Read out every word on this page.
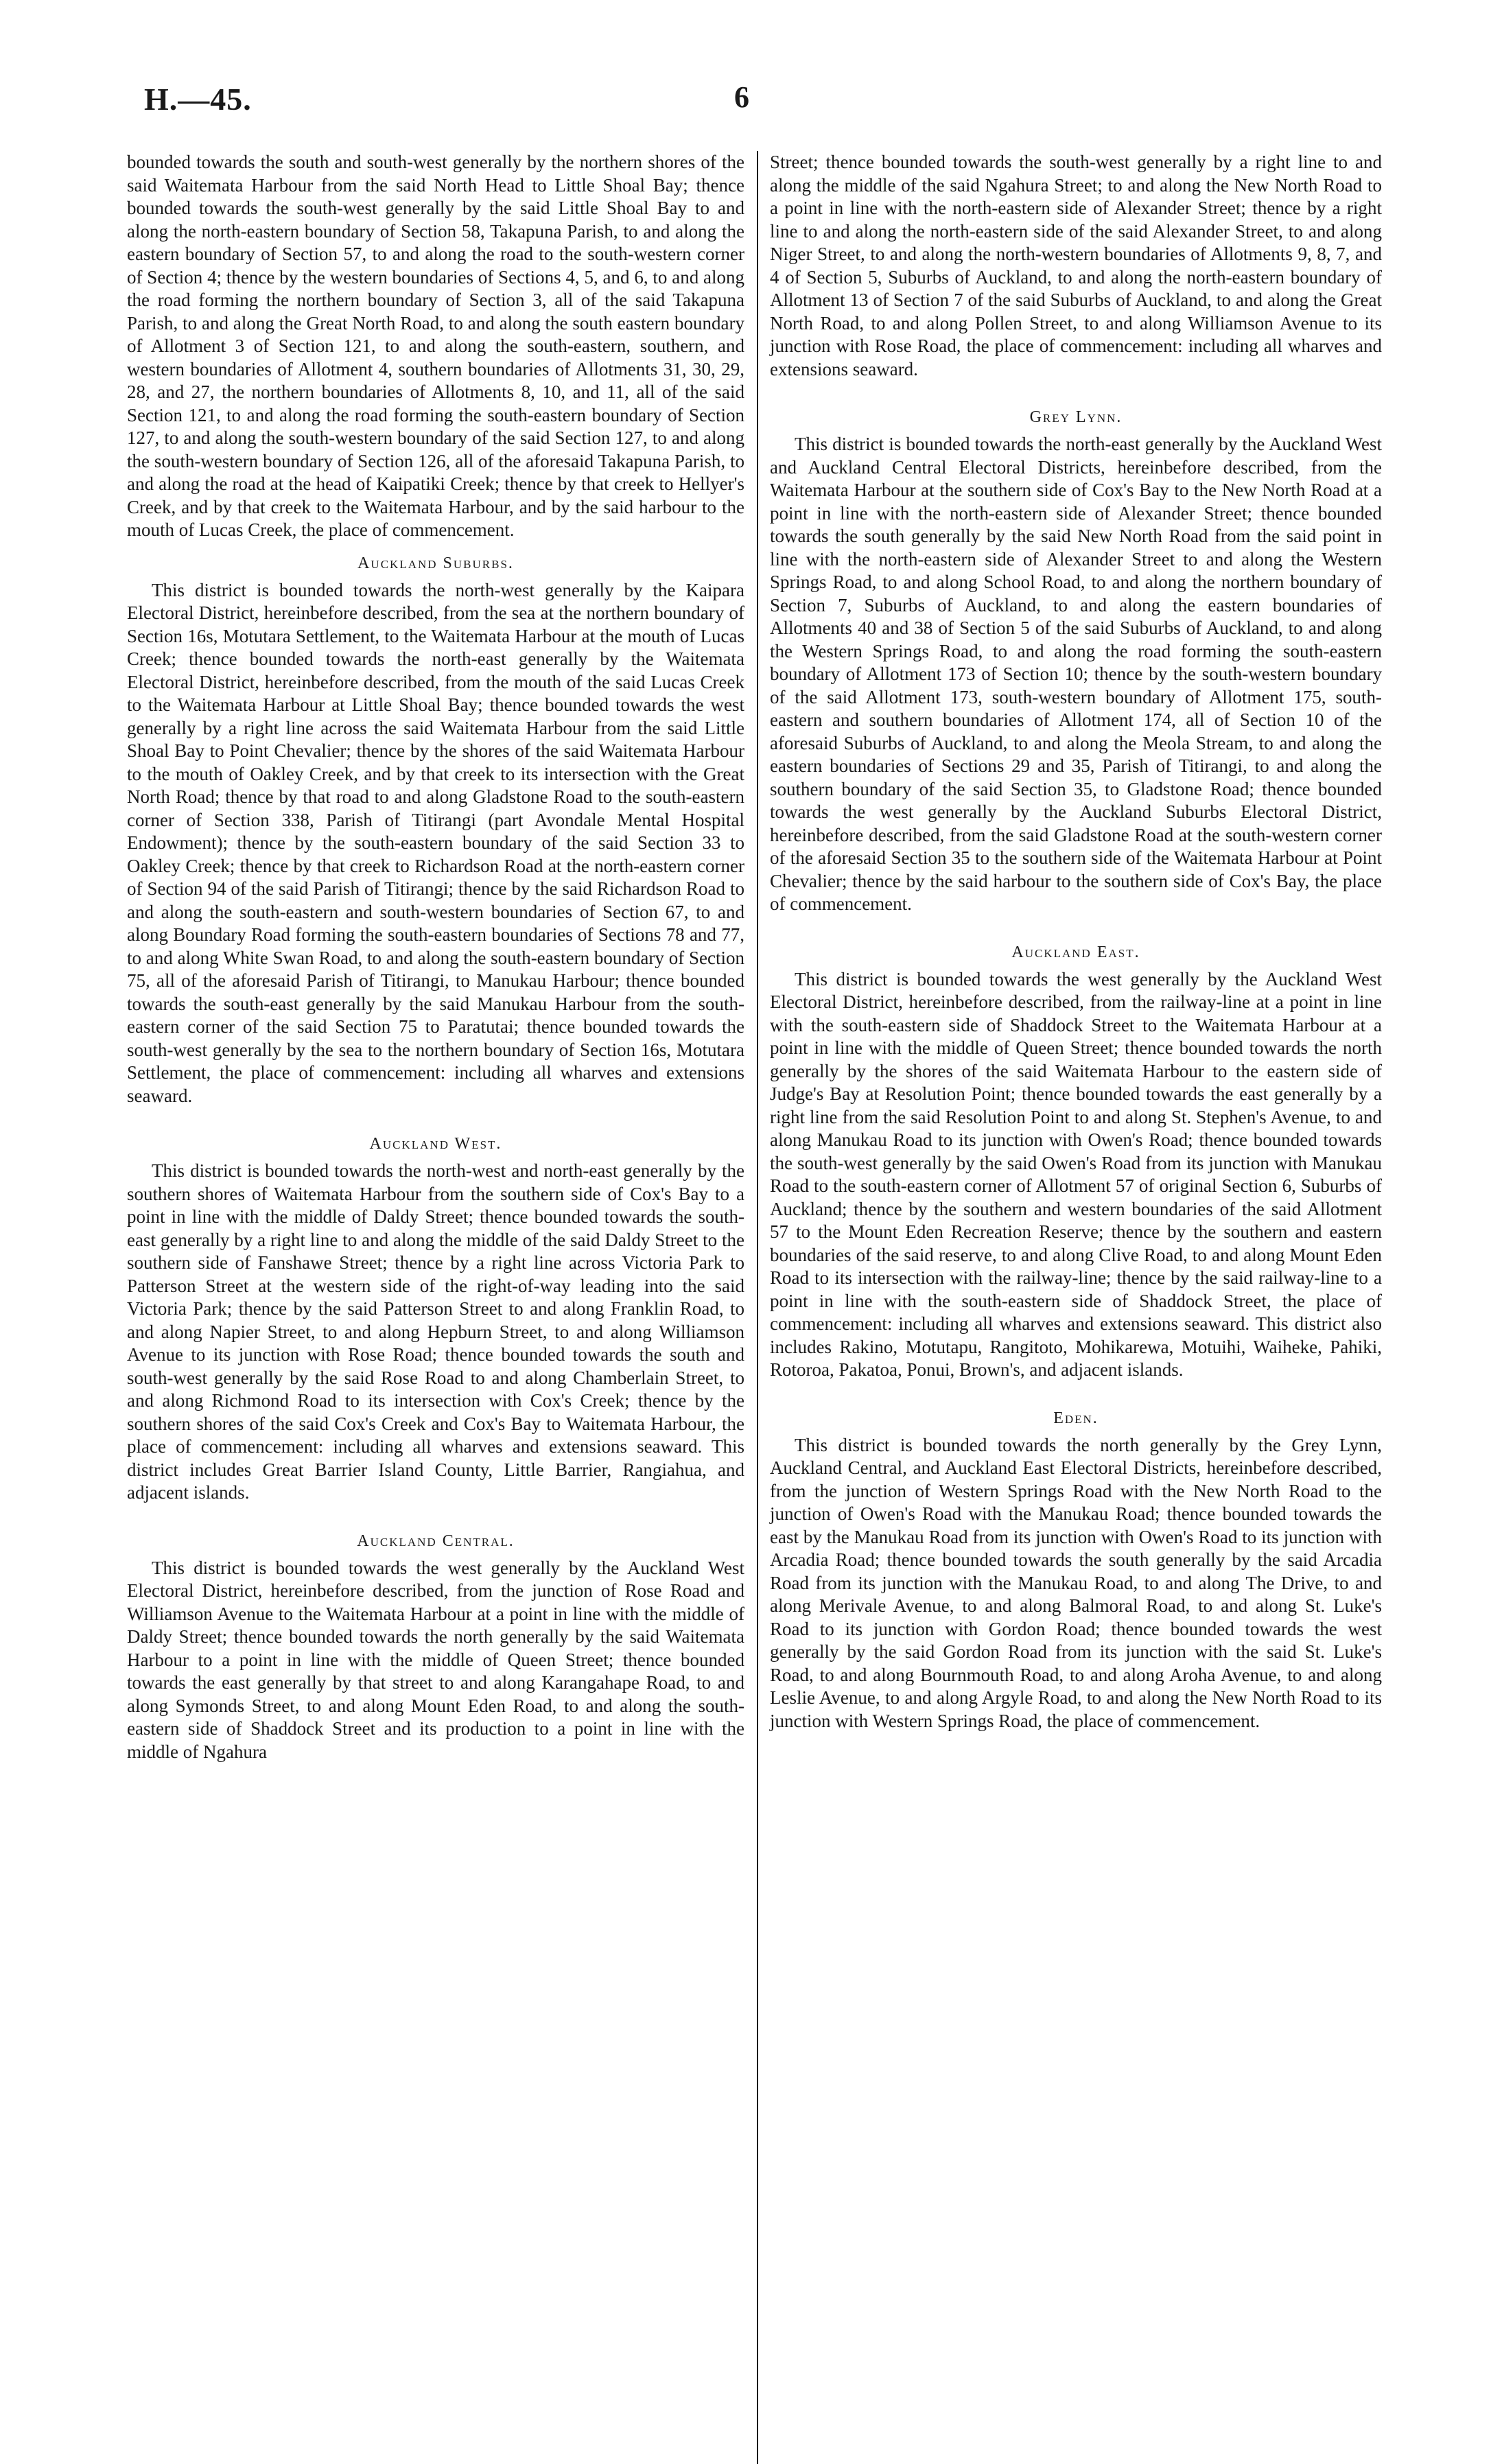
H.—45.	6

bounded towards the south and south-west generally by the northern shores of the said Waitemata Harbour from the said North Head to Little Shoal Bay; thence bounded towards the south-west generally by the said Little Shoal Bay to and along the north-eastern boundary of Section 58, Takapuna Parish, to and along the eastern boundary of Section 57, to and along the road to the south-western corner of Section 4; thence by the western boundaries of Sections 4, 5, and 6, to and along the road forming the northern boundary of Section 3, all of the said Takapuna Parish, to and along the Great North Road, to and along the south eastern boundary of Allotment 3 of Section 121, to and along the south-eastern, southern, and western boundaries of Allotment 4, southern boundaries of Allotments 31, 30, 29, 28, and 27, the northern boundaries of Allotments 8, 10, and 11, all of the said Section 121, to and along the road forming the south-eastern boundary of Section 127, to and along the south-western boundary of the said Section 127, to and along the south-western boundary of Section 126, all of the aforesaid Takapuna Parish, to and along the road at the head of Kaipatiki Creek; thence by that creek to Hellyer's Creek, and by that creek to the Waitemata Harbour, and by the said harbour to the mouth of Lucas Creek, the place of commencement.

Auckland Suburbs.

This district is bounded towards the north-west generally by the Kaipara Electoral District, hereinbefore described, from the sea at the northern boundary of Section 16s, Motutara Settlement, to the Waitemata Harbour at the mouth of Lucas Creek; thence bounded towards the north-east generally by the Waitemata Electoral District, hereinbefore described, from the mouth of the said Lucas Creek to the Waitemata Harbour at Little Shoal Bay; thence bounded towards the west generally by a right line across the said Waitemata Harbour from the said Little Shoal Bay to Point Chevalier; thence by the shores of the said Waitemata Harbour to the mouth of Oakley Creek, and by that creek to its intersection with the Great North Road; thence by that road to and along Gladstone Road to the south-eastern corner of Section 338, Parish of Titirangi (part Avondale Mental Hospital Endowment); thence by the south-eastern boundary of the said Section 33 to Oakley Creek; thence by that creek to Richardson Road at the north-eastern corner of Section 94 of the said Parish of Titirangi; thence by the said Richardson Road to and along the south-eastern and south-western boundaries of Section 67, to and along Boundary Road forming the south-eastern boundaries of Sections 78 and 77, to and along White Swan Road, to and along the south-eastern boundary of Section 75, all of the aforesaid Parish of Titirangi, to Manukau Harbour; thence bounded towards the south-east generally by the said Manukau Harbour from the south-eastern corner of the said Section 75 to Paratutai; thence bounded towards the south-west generally by the sea to the northern boundary of Section 16s, Motutara Settlement, the place of commencement: including all wharves and extensions seaward.

Auckland West.

This district is bounded towards the north-west and north-east generally by the southern shores of Waitemata Harbour from the southern side of Cox's Bay to a point in line with the middle of Daldy Street; thence bounded towards the south-east generally by a right line to and along the middle of the said Daldy Street to the southern side of Fanshawe Street; thence by a right line across Victoria Park to Patterson Street at the western side of the right-of-way leading into the said Victoria Park; thence by the said Patterson Street to and along Franklin Road, to and along Napier Street, to and along Hepburn Street, to and along Williamson Avenue to its junction with Rose Road; thence bounded towards the south and south-west generally by the said Rose Road to and along Chamberlain Street, to and along Richmond Road to its intersection with Cox's Creek; thence by the southern shores of the said Cox's Creek and Cox's Bay to Waitemata Harbour, the place of commencement: including all wharves and extensions seaward. This district includes Great Barrier Island County, Little Barrier, Rangiahua, and adjacent islands.

Auckland Central.

This district is bounded towards the west generally by the Auckland West Electoral District, hereinbefore described, from the junction of Rose Road and Williamson Avenue to the Waitemata Harbour at a point in line with the middle of Daldy Street; thence bounded towards the north generally by the said Waitemata Harbour to a point in line with the middle of Queen Street; thence bounded towards the east generally by that street to and along Karangahape Road, to and along Symonds Street, to and along Mount Eden Road, to and along the south-eastern side of Shaddock Street and its production to a point in line with the middle of Ngahura

Street; thence bounded towards the south-west generally by a right line to and along the middle of the said Ngahura Street; to and along the New North Road to a point in line with the north-eastern side of Alexander Street; thence by a right line to and along the north-eastern side of the said Alexander Street, to and along Niger Street, to and along the north-western boundaries of Allotments 9, 8, 7, and 4 of Section 5, Suburbs of Auckland, to and along the north-eastern boundary of Allotment 13 of Section 7 of the said Suburbs of Auckland, to and along the Great North Road, to and along Pollen Street, to and along Williamson Avenue to its junction with Rose Road, the place of commencement: including all wharves and extensions seaward.

Grey Lynn.

This district is bounded towards the north-east generally by the Auckland West and Auckland Central Electoral Districts, hereinbefore described, from the Waitemata Harbour at the southern side of Cox's Bay to the New North Road at a point in line with the north-eastern side of Alexander Street; thence bounded towards the south generally by the said New North Road from the said point in line with the north-eastern side of Alexander Street to and along the Western Springs Road, to and along School Road, to and along the northern boundary of Section 7, Suburbs of Auckland, to and along the eastern boundaries of Allotments 40 and 38 of Section 5 of the said Suburbs of Auckland, to and along the Western Springs Road, to and along the road forming the south-eastern boundary of Allotment 173 of Section 10; thence by the south-western boundary of the said Allotment 173, south-western boundary of Allotment 175, south-eastern and southern boundaries of Allotment 174, all of Section 10 of the aforesaid Suburbs of Auckland, to and along the Meola Stream, to and along the eastern boundaries of Sections 29 and 35, Parish of Titirangi, to and along the southern boundary of the said Section 35, to Gladstone Road; thence bounded towards the west generally by the Auckland Suburbs Electoral District, hereinbefore described, from the said Gladstone Road at the south-western corner of the aforesaid Section 35 to the southern side of the Waitemata Harbour at Point Chevalier; thence by the said harbour to the southern side of Cox's Bay, the place of commencement.

Auckland East.

This district is bounded towards the west generally by the Auckland West Electoral District, hereinbefore described, from the railway-line at a point in line with the south-eastern side of Shaddock Street to the Waitemata Harbour at a point in line with the middle of Queen Street; thence bounded towards the north generally by the shores of the said Waitemata Harbour to the eastern side of Judge's Bay at Resolution Point; thence bounded towards the east generally by a right line from the said Resolution Point to and along St. Stephen's Avenue, to and along Manukau Road to its junction with Owen's Road; thence bounded towards the south-west generally by the said Owen's Road from its junction with Manukau Road to the south-eastern corner of Allotment 57 of original Section 6, Suburbs of Auckland; thence by the southern and western boundaries of the said Allotment 57 to the Mount Eden Recreation Reserve; thence by the southern and eastern boundaries of the said reserve, to and along Clive Road, to and along Mount Eden Road to its intersection with the railway-line; thence by the said railway-line to a point in line with the south-eastern side of Shaddock Street, the place of commencement: including all wharves and extensions seaward. This district also includes Rakino, Motutapu, Rangitoto, Mohikarewa, Motuihi, Waiheke, Pahiki, Rotoroa, Pakatoa, Ponui, Brown's, and adjacent islands.

Eden.

This district is bounded towards the north generally by the Grey Lynn, Auckland Central, and Auckland East Electoral Districts, hereinbefore described, from the junction of Western Springs Road with the New North Road to the junction of Owen's Road with the Manukau Road; thence bounded towards the east by the Manukau Road from its junction with Owen's Road to its junction with Arcadia Road; thence bounded towards the south generally by the said Arcadia Road from its junction with the Manukau Road, to and along The Drive, to and along Merivale Avenue, to and along Balmoral Road, to and along St. Luke's Road to its junction with Gordon Road; thence bounded towards the west generally by the said Gordon Road from its junction with the said St. Luke's Road, to and along Bournmouth Road, to and along Aroha Avenue, to and along Leslie Avenue, to and along Argyle Road, to and along the New North Road to its junction with Western Springs Road, the place of commencement.
